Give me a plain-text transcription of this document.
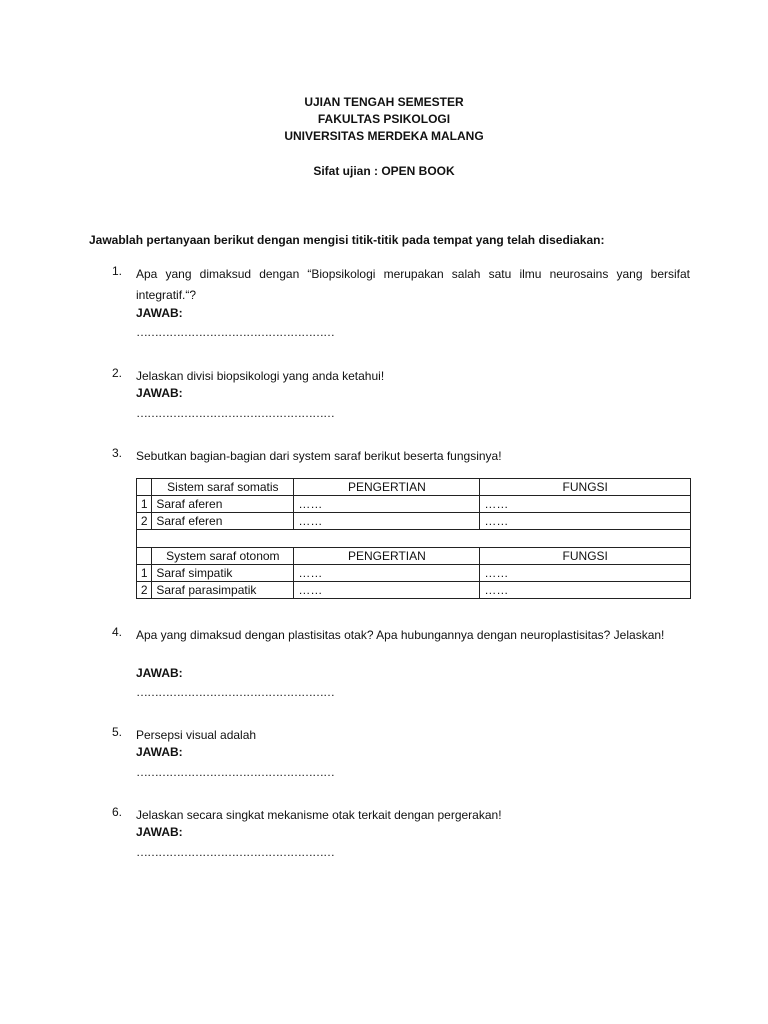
UJIAN TENGAH SEMESTER
FAKULTAS PSIKOLOGI
UNIVERSITAS MERDEKA MALANG
Sifat ujian : OPEN BOOK
Jawablah pertanyaan berikut dengan mengisi titik-titik pada tempat yang telah disediakan:
1.	Apa yang dimaksud dengan “Biopsikologi merupakan salah satu ilmu neurosains yang bersifat integratif.“?
JAWAB:
………………………………………………
2.	Jelaskan divisi biopsikologi yang anda ketahui!
JAWAB:
………………………………………………
3.	Sebutkan bagian-bagian dari system saraf berikut beserta fungsinya!
	Sistem saraf somatis	PENGERTIAN	FUNGSI
1	Saraf aferen	……	……
2	Saraf eferen	……	……

	System saraf otonom	PENGERTIAN	FUNGSI
1	Saraf simpatik	……	……
2	Saraf parasimpatik	……	……
4.	Apa yang dimaksud dengan plastisitas otak? Apa hubungannya dengan neuroplastisitas? Jelaskan!
JAWAB:
………………………………………………
5.	Persepsi visual adalah
JAWAB:
………………………………………………
6.	Jelaskan secara singkat mekanisme otak terkait dengan pergerakan!
JAWAB:
………………………………………………
